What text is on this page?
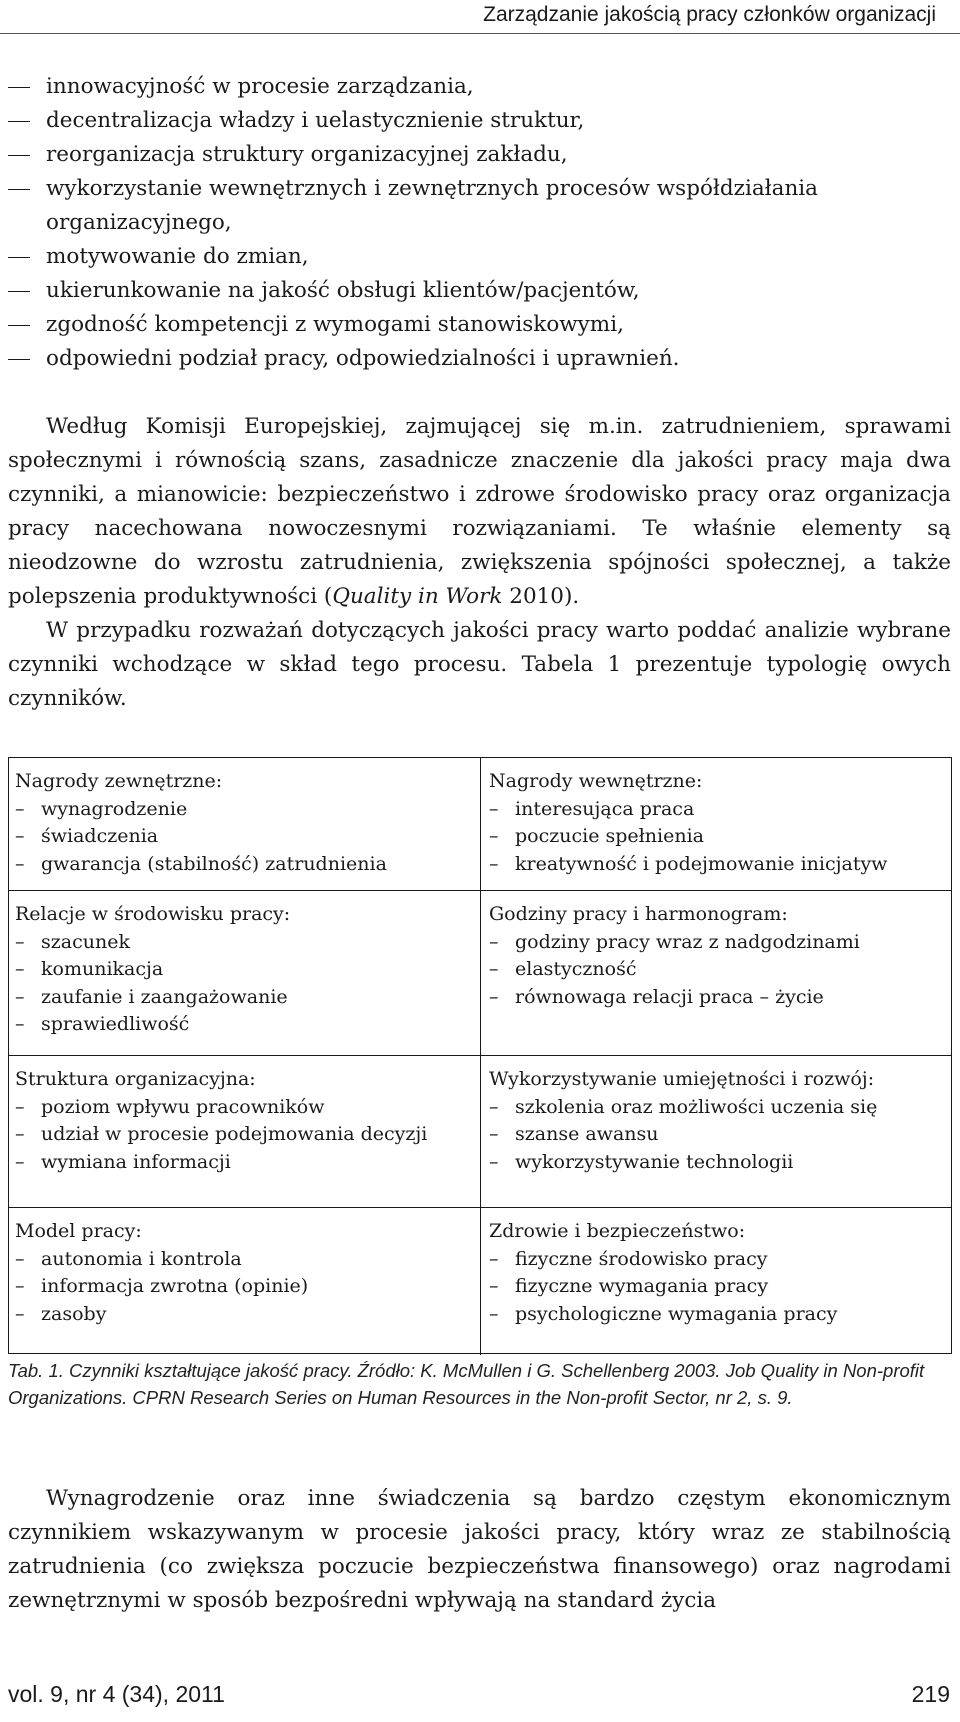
Zarządzanie jakością pracy członków organizacji
innowacyjność w procesie zarządzania,
decentralizacja władzy i uelastycznienie struktur,
reorganizacja struktury organizacyjnej zakładu,
wykorzystanie wewnętrznych i zewnętrznych procesów współdziałania organizacyjnego,
motywowanie do zmian,
ukierunkowanie na jakość obsługi klientów/pacjentów,
zgodność kompetencji z wymogami stanowiskowymi,
odpowiedni podział pracy, odpowiedzialności i uprawnień.

Według Komisji Europejskiej, zajmującej się m.in. zatrudnieniem, sprawami społecznymi i równością szans, zasadnicze znaczenie dla jakości pracy maja dwa czynniki, a mianowicie: bezpieczeństwo i zdrowe środowisko pracy oraz organizacja pracy nacechowana nowoczesnymi rozwiązaniami. Te właśnie elementy są nieodzowne do wzrostu zatrudnienia, zwiększenia spójności społecznej, a także polepszenia produktywności (Quality in Work 2010).

W przypadku rozważań dotyczących jakości pracy warto poddać analizie wybrane czynniki wchodzące w skład tego procesu. Tabela 1 prezentuje typologię owych czynników.

Nagrody zewnętrzne:
– wynagrodzenie
– świadczenia
– gwarancja (stabilność) zatrudnienia
Nagrody wewnętrzne:
– interesująca praca
– poczucie spełnienia
– kreatywność i podejmowanie inicjatyw
Relacje w środowisku pracy:
– szacunek
– komunikacja
– zaufanie i zaangażowanie
– sprawiedliwość
Godziny pracy i harmonogram:
– godziny pracy wraz z nadgodzinami
– elastyczność
– równowaga relacji praca – życie
Struktura organizacyjna:
– poziom wpływu pracowników
– udział w procesie podejmowania decyzji
– wymiana informacji
Wykorzystywanie umiejętności i rozwój:
– szkolenia oraz możliwości uczenia się
– szanse awansu
– wykorzystywanie technologii
Model pracy:
– autonomia i kontrola
– informacja zwrotna (opinie)
– zasoby
Zdrowie i bezpieczeństwo:
– fizyczne środowisko pracy
– fizyczne wymagania pracy
– psychologiczne wymagania pracy
Tab. 1. Czynniki kształtujące jakość pracy. Źródło: K. McMullen i G. Schellenberg 2003. Job Quality in Non-profit Organizations. CPRN Research Series on Human Resources in the Non-profit Sector, nr 2, s. 9.

Wynagrodzenie oraz inne świadczenia są bardzo częstym ekonomicznym czynnikiem wskazywanym w procesie jakości pracy, który wraz ze stabilnością zatrudnienia (co zwiększa poczucie bezpieczeństwa finansowego) oraz nagrodami zewnętrznymi w sposób bezpośredni wpływają na standard życia

vol. 9, nr 4 (34), 2011	219
